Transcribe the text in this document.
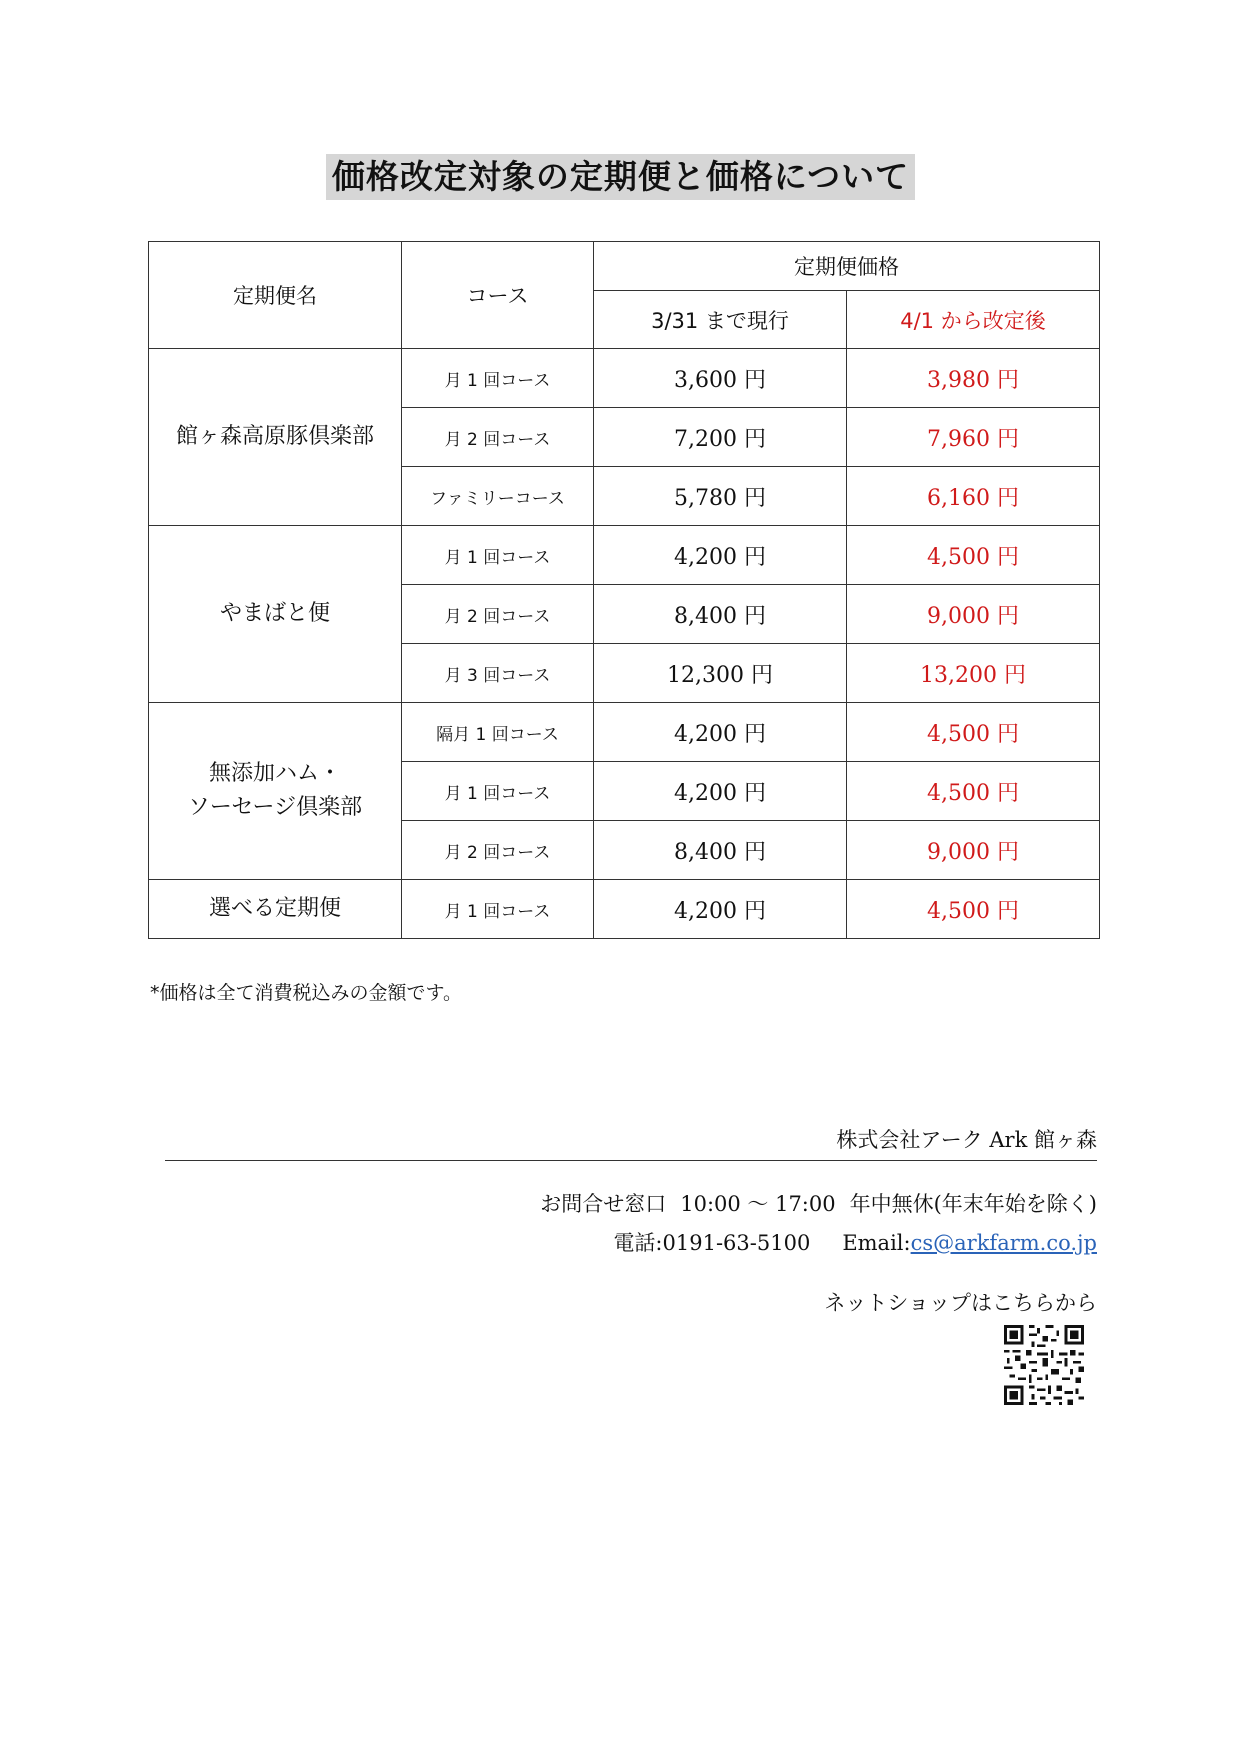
価格改定対象の定期便と価格について
定期便名	コース	定期便価格	
		3/31 まで現行	4/1 から改定後
館ヶ森高原豚倶楽部	月 1 回コース	3,600 円	3,980 円
	月 2 回コース	7,200 円	7,960 円
	ファミリーコース	5,780 円	6,160 円
やまばと便	月 1 回コース	4,200 円	4,500 円
	月 2 回コース	8,400 円	9,000 円
	月 3 回コース	12,300 円	13,200 円

無添加ハム・
ソーセージ倶楽部	隔月 1 回コース	4,200 円	4,500 円
	月 1 回コース	4,200 円	4,500 円
	月 2 回コース	8,400 円	9,000 円
選べる定期便	月 1 回コース	4,200 円	4,500 円
*価格は全て消費税込みの金額です。
株式会社アーク Ark 館ヶ森
お問合せ窓口 10:00 ～ 17:00 年中無休(年末年始を除く)
電話:0191-63-5100 Email:cs@arkfarm.co.jp
ネットショップはこちらから
